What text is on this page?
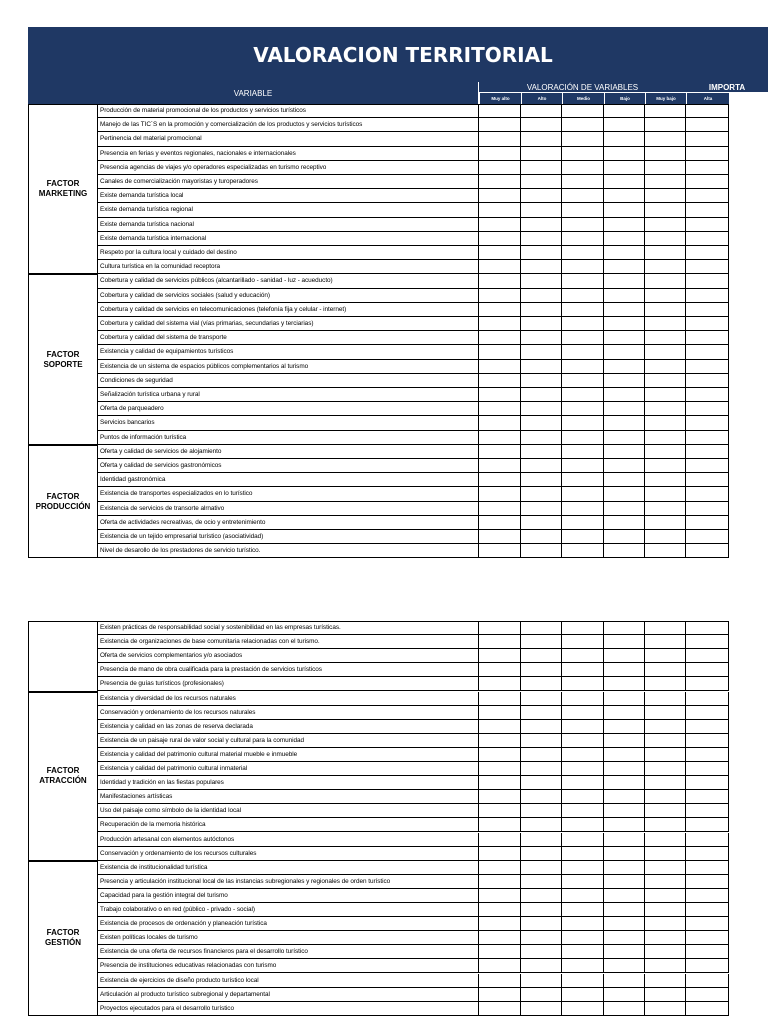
VALORACION TERRITORIAL
VARIABLE
VALORACIÓN DE VARIABLES	IMPORTA
Muy alto	Alto	Medio	Bajo	Muy bajo	Alta
FACTOR MARKETING
Producción de material promocional de los productos y servicios turísticos
Manejo de las TIC´S en la promoción y comercialización de los productos y servicios turísticos
Pertinencia del material promocional
Presencia en ferias y eventos regionales, nacionales e internacionales
Presencia agencias de viajes y/o operadores especializadas en turismo receptivo
Canales de comercialización mayoristas y turoperadores
Existe demanda turística local
Existe demanda turística regional
Existe demanda turística nacional
Existe demanda turística internacional
Respeto por la cultura local y cuidado del destino
Cultura turística en la comunidad receptora
FACTOR SOPORTE
Cobertura y calidad de servicios públicos (alcantarillado - sanidad - luz - acueducto)
Cobertura y calidad de servicios sociales (salud y educación)
Cobertura y calidad de servicios en telecomunicaciones (telefonía fija y celular - internet)
Cobertura y calidad del sistema vial (vías primarias, secundarias y terciarias)
Cobertura y calidad del sistema de transporte
Existencia y calidad de equipamientos turísticos
Existencia de un sistema de espacios públicos complementarios al turismo
Condiciones de seguridad
Señalización turística urbana y rural
Oferta de parqueadero
Servicios bancarios
Puntos de información turística
FACTOR PRODUCCIÓN
Oferta y calidad de servicios de alojamiento
Oferta y calidad de servicios gastronómicos
Identidad gastronómica
Existencia de transportes especializados en lo turístico
Existencia de servicios de transorte alrnativo
Oferta de actividades recreativas, de ocio y entretenimiento
Existencia de un tejido empresarial turístico (asociatividad)
Nivel de desarollo de los prestadores de servicio turístico.
Existen prácticas de responsabilidad social y sostenibilidad en las empresas turísticas.
Existencia de organizaciones de base comunitaria relacionadas con el turismo.
Oferta de servicios complementarios y/o asociados
Presencia de mano de obra cualificada para la prestación de servicios turísticos
Presencia de guías turísticos (profesionales)
FACTOR ATRACCIÓN
Existencia y diversidad de los recursos naturales
Conservación y ordenamiento de los recursos naturales
Existencia y calidad en las zonas de reserva declarada
Existencia de un paisaje rural de valor social y cultural para la comunidad
Existencia y calidad del patrimonio cultural material mueble e inmueble
Existencia y calidad del patrimonio cultural inmaterial
Identidad y tradición en las fiestas populares
Manifestaciones artísticas
Uso del paisaje como símbolo de la identidad local
Recuperación de la memoria histórica
Producción artesanal con elementos autóctonos
Conservación y ordenamiento de los recursos culturales
FACTOR GESTIÓN
Existencia de institucionalidad turística
Presencia y articulación institucional local de las instancias subregionales y regionales de orden turístico
Capacidad para la gestión integral del turismo
Trabajo colaborativo o en red (público - privado - social)
Existencia de procesos de ordenación y planeación turística
Existen políticas locales de turismo
Existencia de una oferta de recursos financieros para el desarrollo turístico
Presencia de instituciones educativas relacionadas con turismo
Existencia de ejercicios de diseño producto turístico local
Articulación al producto turístico subregional y departamental
Proyectos ejecutados para el desarrollo turístico
